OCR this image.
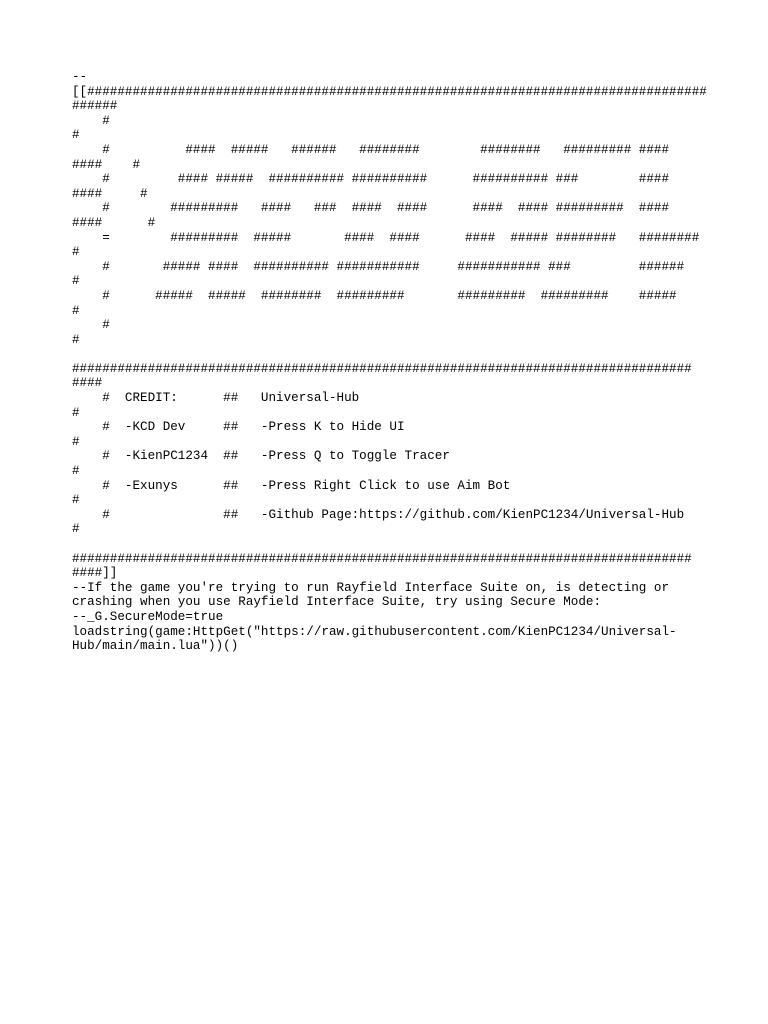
--
[[##################################################################################
######
#
#
#          ####  #####   ######   ########        ########   ######### ####
####    #
#         #### #####  ########## ##########      ########## ###        ####
####     #
#        #########   ####   ###  ####  ####      ####  #### #########  ####
####      #
=        #########  #####       ####  ####      ####  ##### ########   ########
#
#       ##### ####  ########## ###########     ########### ###         ######
#
#      #####  #####  ########  #########       #########  #########    #####
#
#
#
##################################################################################
####
#  CREDIT:      ##   Universal-Hub
#
#  -KCD Dev     ##   -Press K to Hide UI
#
#  -KienPC1234  ##   -Press Q to Toggle Tracer
#
#  -Exunys      ##   -Press Right Click to use Aim Bot
#
#               ##   -Github Page:https://github.com/KienPC1234/Universal-Hub
#
##################################################################################
####]]
--If the game you're trying to run Rayfield Interface Suite on, is detecting or
crashing when you use Rayfield Interface Suite, try using Secure Mode:
--_G.SecureMode=true
loadstring(game:HttpGet("https://raw.githubusercontent.com/KienPC1234/Universal-
Hub/main/main.lua"))()
